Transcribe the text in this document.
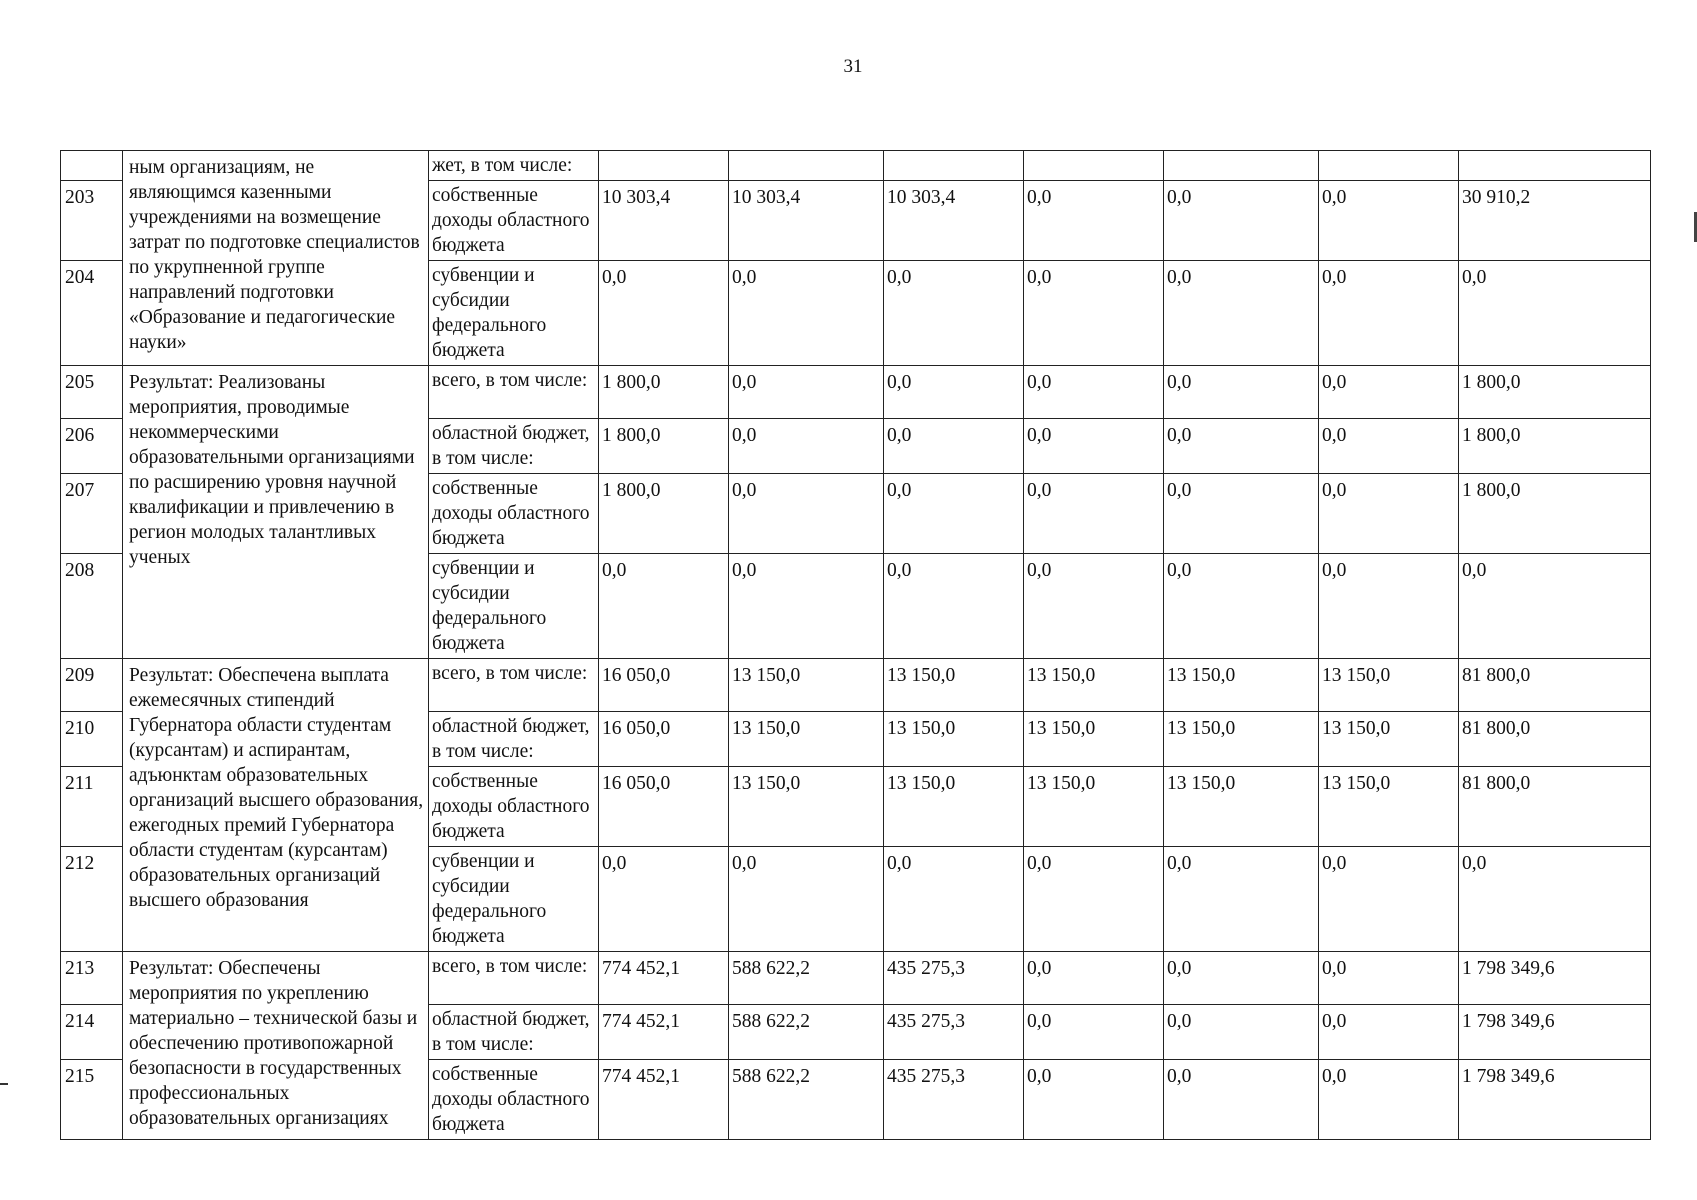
31
	ным организациям, не являющимся казенными учреждениями на возмещение затрат по подготовке специалистов по укрупненной группе направлений подготовки «Образование и педагогические науки»	жет, в том числе:							
203		собственные доходы областного бюджета	10 303,4	10 303,4	10 303,4	0,0	0,0	0,0	30 910,2
204		субвенции и субсидии федерального бюджета	0,0	0,0	0,0	0,0	0,0	0,0	0,0
205	Результат: Реализованы мероприятия, проводимые некоммерческими образовательными организациями по расширению уровня научной квалификации и привлечению в регион молодых талантливых ученых	всего, в том числе:	1 800,0	0,0	0,0	0,0	0,0	0,0	1 800,0
206		областной бюджет, в том числе:	1 800,0	0,0	0,0	0,0	0,0	0,0	1 800,0
207		собственные доходы областного бюджета	1 800,0	0,0	0,0	0,0	0,0	0,0	1 800,0
208		субвенции и субсидии федерального бюджета	0,0	0,0	0,0	0,0	0,0	0,0	0,0
209	Результат: Обеспечена выплата ежемесячных стипендий Губернатора области студентам (курсантам) и аспирантам, адъюнктам образовательных организаций высшего образования, ежегодных премий Губернатора области студентам (курсантам) образовательных организаций высшего образования	всего, в том числе:	16 050,0	13 150,0	13 150,0	13 150,0	13 150,0	13 150,0	81 800,0
210		областной бюджет, в том числе:	16 050,0	13 150,0	13 150,0	13 150,0	13 150,0	13 150,0	81 800,0
211		собственные доходы областного бюджета	16 050,0	13 150,0	13 150,0	13 150,0	13 150,0	13 150,0	81 800,0
212		субвенции и субсидии федерального бюджета	0,0	0,0	0,0	0,0	0,0	0,0	0,0
213	Результат: Обеспечены мероприятия по укреплению материально – технической базы и обеспечению противопожарной безопасности в государственных профессиональных образовательных организациях	всего, в том числе:	774 452,1	588 622,2	435 275,3	0,0	0,0	0,0	1 798 349,6
214		областной бюджет, в том числе:	774 452,1	588 622,2	435 275,3	0,0	0,0	0,0	1 798 349,6
215		собственные доходы областного бюджета	774 452,1	588 622,2	435 275,3	0,0	0,0	0,0	1 798 349,6
